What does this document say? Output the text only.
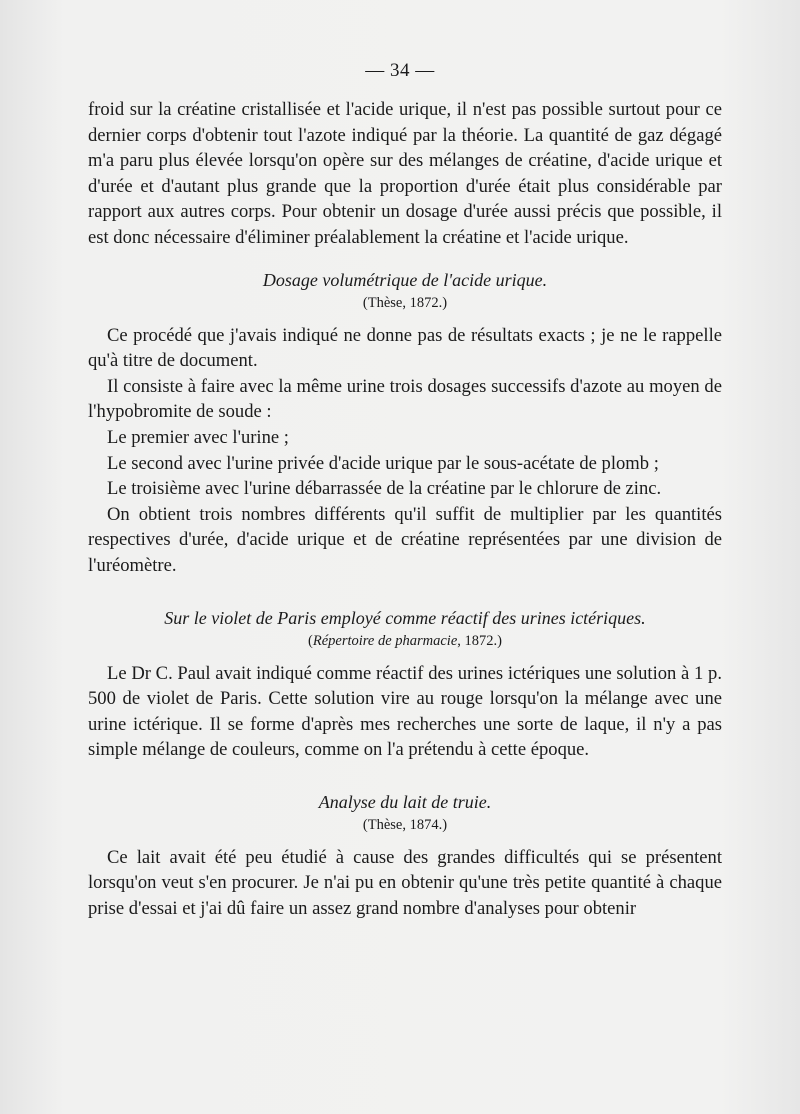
— 34 —

froid sur la créatine cristallisée et l'acide urique, il n'est pas possible surtout pour ce dernier corps d'obtenir tout l'azote indiqué par la théorie. La quantité de gaz dégagé m'a paru plus élevée lorsqu'on opère sur des mélanges de créatine, d'acide urique et d'urée et d'autant plus grande que la proportion d'urée était plus considérable par rapport aux autres corps. Pour obtenir un dosage d'urée aussi précis que possible, il est donc nécessaire d'éliminer préalablement la créatine et l'acide urique.

Dosage volumétrique de l'acide urique.
(Thèse, 1872.)

Ce procédé que j'avais indiqué ne donne pas de résultats exacts ; je ne le rappelle qu'à titre de document.

Il consiste à faire avec la même urine trois dosages successifs d'azote au moyen de l'hypobromite de soude :

Le premier avec l'urine ;

Le second avec l'urine privée d'acide urique par le sous-acétate de plomb ;

Le troisième avec l'urine débarrassée de la créatine par le chlorure de zinc.

On obtient trois nombres différents qu'il suffit de multiplier par les quantités respectives d'urée, d'acide urique et de créatine représentées par une division de l'uréomètre.

Sur le violet de Paris employé comme réactif des urines ictériques.
(Répertoire de pharmacie, 1872.)

Le Dr C. Paul avait indiqué comme réactif des urines ictériques une solution à 1 p. 500 de violet de Paris. Cette solution vire au rouge lorsqu'on la mélange avec une urine ictérique. Il se forme d'après mes recherches une sorte de laque, il n'y a pas simple mélange de couleurs, comme on l'a prétendu à cette époque.

Analyse du lait de truie.
(Thèse, 1874.)

Ce lait avait été peu étudié à cause des grandes difficultés qui se présentent lorsqu'on veut s'en procurer. Je n'ai pu en obtenir qu'une très petite quantité à chaque prise d'essai et j'ai dû faire un assez grand nombre d'analyses pour obtenir
